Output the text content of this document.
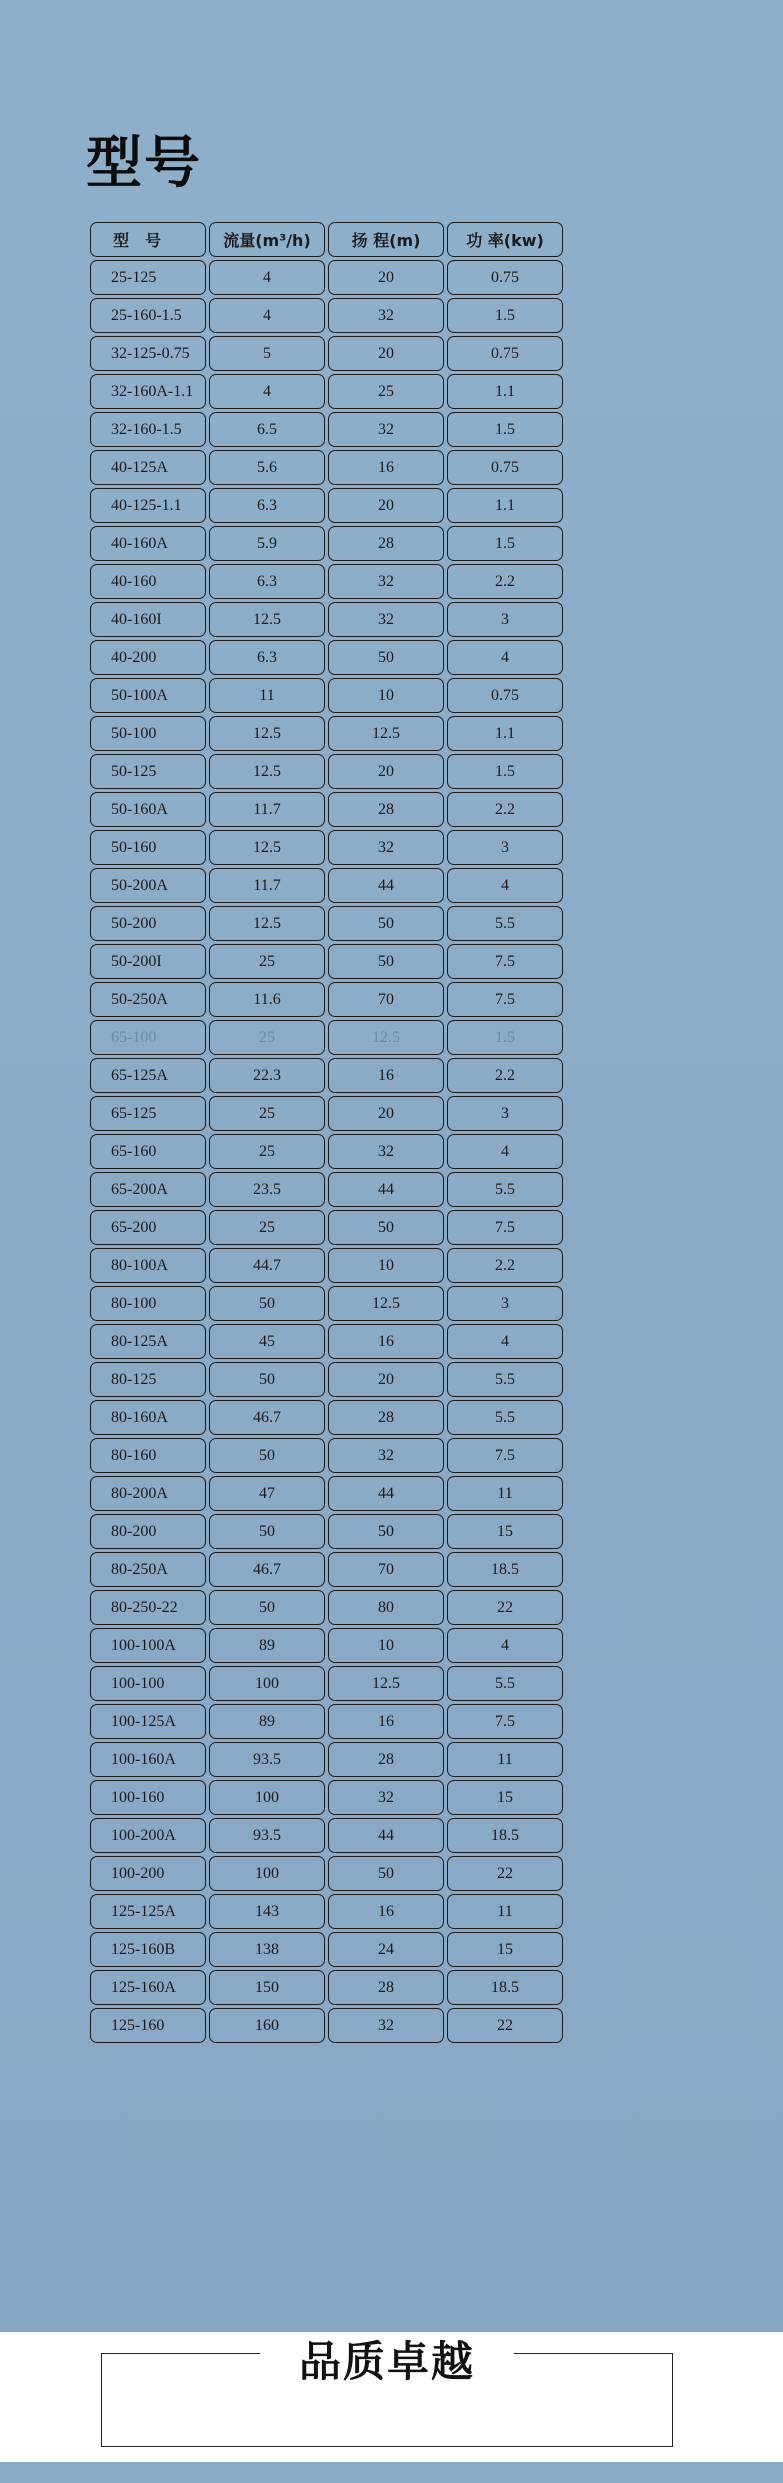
型号
型　号	流量(m³/h)	扬 程(m)	功 率(kw)
25-125	4	20	0.75
25-160-1.5	4	32	1.5
32-125-0.75	5	20	0.75
32-160A-1.1	4	25	1.1
32-160-1.5	6.5	32	1.5
40-125A	5.6	16	0.75
40-125-1.1	6.3	20	1.1
40-160A	5.9	28	1.5
40-160	6.3	32	2.2
40-160I	12.5	32	3
40-200	6.3	50	4
50-100A	11	10	0.75
50-100	12.5	12.5	1.1
50-125	12.5	20	1.5
50-160A	11.7	28	2.2
50-160	12.5	32	3
50-200A	11.7	44	4
50-200	12.5	50	5.5
50-200I	25	50	7.5
50-250A	11.6	70	7.5
65-100	25	12.5	1.5
65-125A	22.3	16	2.2
65-125	25	20	3
65-160	25	32	4
65-200A	23.5	44	5.5
65-200	25	50	7.5
80-100A	44.7	10	2.2
80-100	50	12.5	3
80-125A	45	16	4
80-125	50	20	5.5
80-160A	46.7	28	5.5
80-160	50	32	7.5
80-200A	47	44	11
80-200	50	50	15
80-250A	46.7	70	18.5
80-250-22	50	80	22
100-100A	89	10	4
100-100	100	12.5	5.5
100-125A	89	16	7.5
100-160A	93.5	28	11
100-160	100	32	15
100-200A	93.5	44	18.5
100-200	100	50	22
125-125A	143	16	11
125-160B	138	24	15
125-160A	150	28	18.5
125-160	160	32	22
品质卓越
